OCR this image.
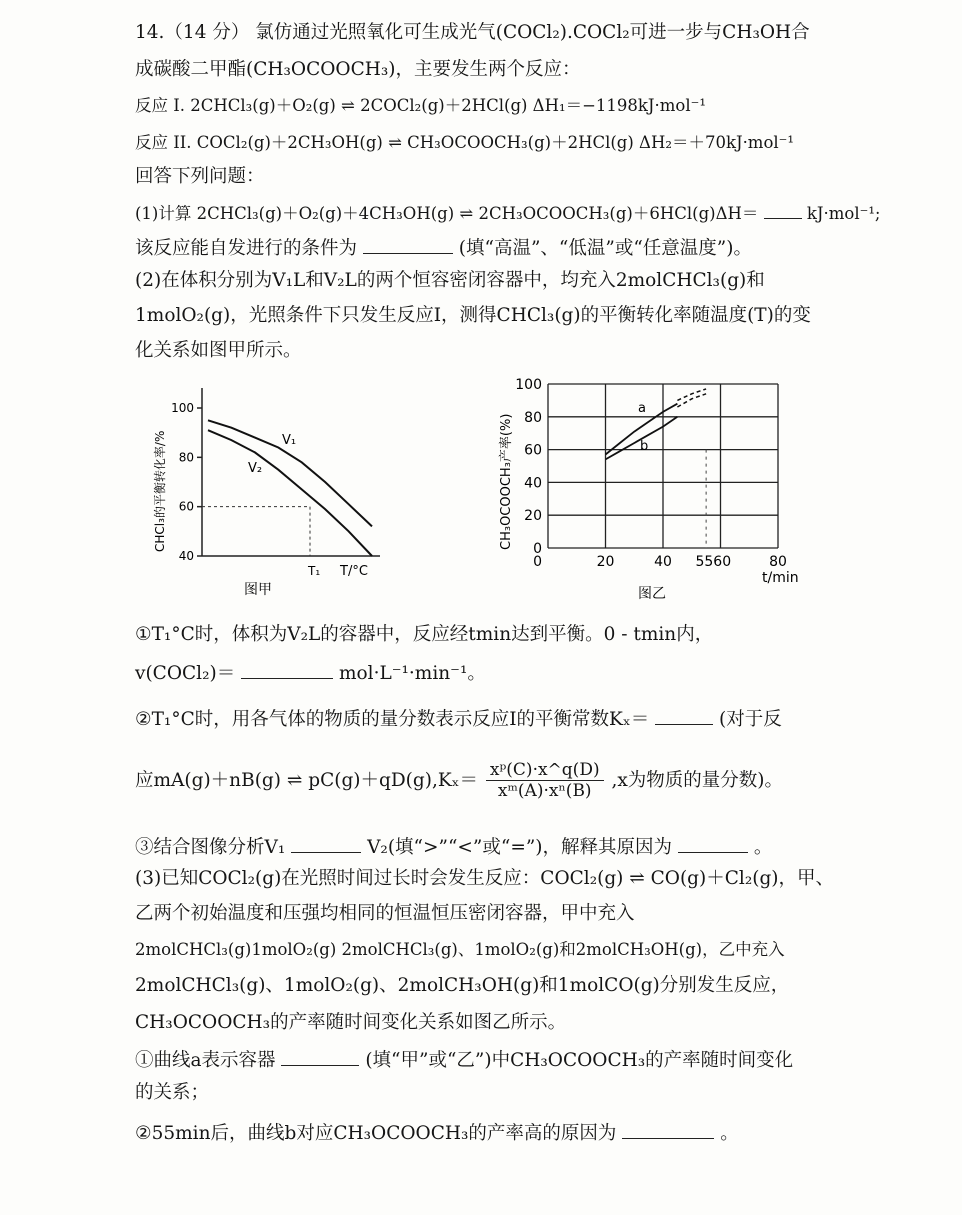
14.（14 分） 氯仿通过光照氧化可生成光气(COCl₂).COCl₂可进一步与CH₃OH合
成碳酸二甲酯(CH₃OCOOCH₃)，主要发生两个反应：
反应 I. 2CHCl₃(g)＋O₂(g) ⇌ 2COCl₂(g)＋2HCl(g) ΔH₁＝−1198kJ·mol⁻¹
反应 II. COCl₂(g)＋2CH₃OH(g) ⇌ CH₃OCOOCH₃(g)＋2HCl(g) ΔH₂＝＋70kJ·mol⁻¹
回答下列问题：
(1)计算 2CHCl₃(g)＋O₂(g)＋4CH₃OH(g) ⇌ 2CH₃OCOOCH₃(g)＋6HCl(g)ΔH＝	kJ·mol⁻¹;
该反应能自发进行的条件为	(填“高温”、“低温”或“任意温度”)。
(2)在体积分别为V₁L和V₂L的两个恒容密闭容器中，均充入2molCHCl₃(g)和
1molO₂(g)，光照条件下只发生反应I，测得CHCl₃(g)的平衡转化率随温度(T)的变
化关系如图甲所示。
40
60
80
100
V₁
V₂
T₁ T/°C
图甲
CHCl₃的平衡转化率/%	0
20
40
60
80
100
20	40 5560	80
0
a
b
t/min
图乙
CH₃OCOOCH₃产率(%)
①T₁°C时，体积为V₂L的容器中，反应经tmin达到平衡。0 - tmin内，
v(COCl₂)＝	mol·L⁻¹·min⁻¹。
②T₁°C时，用各气体的物质的量分数表示反应I的平衡常数Kₓ＝	(对于反
应mA(g)＋nB(g) ⇌ $pC(g)+qD(g),K_x= \frac{\text{xᵖ(C)·x\textasciicircum{}q(D)}}{\text{xᵐ(A)·xⁿ(B)}} ,x$为物质的量分数)。
③结合图像分析V₁	V₂(填“>”“<”或“=”)，解释其原因为	。
(3)已知COCl₂(g)在光照时间过长时会发生反应：COCl₂(g) ⇌ CO(g)＋Cl₂(g)，甲、
乙两个初始温度和压强均相同的恒温恒压密闭容器，甲中充入
2molCHCl₃(g)1molO₂(g) 2molCHCl₃(g)、1molO₂(g)和2molCH₃OH(g)，乙中充入
2molCHCl₃(g)、1molO₂(g)、2molCH₃OH(g)和1molCO(g)分别发生反应，
CH₃OCOOCH₃的产率随时间变化关系如图乙所示。
①曲线a表示容器	(填“甲”或“乙”)中CH₃OCOOCH₃的产率随时间变化
的关系；
②55min后，曲线b对应CH₃OCOOCH₃的产率高的原因为	。
